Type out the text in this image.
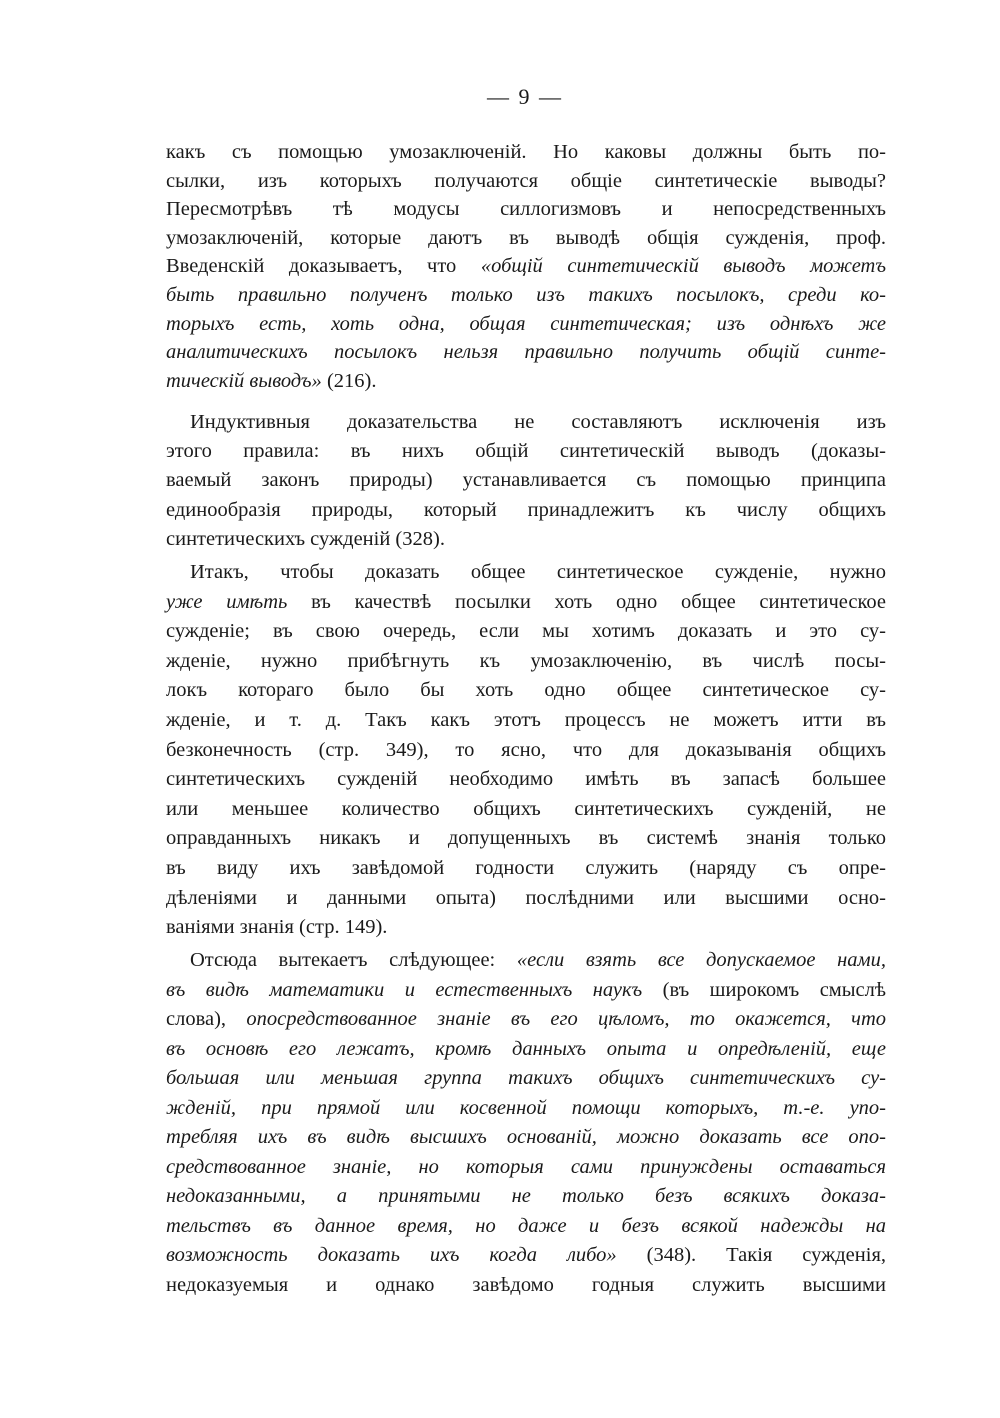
— 9 —
какъ съ помощью умозаключеній. Но каковы должны быть по-
сылки, изъ которыхъ получаются общіе синтетическіе выводы?
Пересмотрѣвъ тѣ модусы силлогизмовъ и непосредственныхъ
умозаключеній, которые даютъ въ выводѣ общія сужденія, проф.
Введенскій доказываетъ, что «общій синтетическій выводъ можетъ
быть правильно полученъ только изъ такихъ посылокъ, среди ко-
торыхъ есть, хоть одна, общая синтетическая; изъ однѣхъ же
аналитическихъ посылокъ нельзя правильно получить общій синте-
тическій выводъ» (216).
Индуктивныя доказательства не составляютъ исключенія изъ
этого правила: въ нихъ общій синтетическій выводъ (доказы-
ваемый законъ природы) устанавливается съ помощью принципа
единообразія природы, который принадлежитъ къ числу общихъ
синтетическихъ сужденій (328).
Итакъ, чтобы доказать общее синтетическое сужденіе, нужно
уже имѣть въ качествѣ посылки хоть одно общее синтетическое
сужденіе; въ свою очередь, если мы хотимъ доказать и это су-
жденіе, нужно прибѣгнуть къ умозаключенію, въ числѣ посы-
локъ котораго было бы хоть одно общее синтетическое су-
жденіе, и т. д. Такъ какъ этотъ процессъ не можетъ итти въ
безконечность (стр. 349), то ясно, что для доказыванія общихъ
синтетическихъ сужденій необходимо имѣть въ запасѣ большее
или меньшее количество общихъ синтетическихъ сужденій, не
оправданныхъ никакъ и допущенныхъ въ системѣ знанія только
въ виду ихъ завѣдомой годности служить (наряду съ опре-
дѣленіями и данными опыта) послѣдними или высшими осно-
ваніями знанія (стр. 149).
Отсюда вытекаетъ слѣдующее: «если взять все допускаемое нами,
въ видѣ математики и естественныхъ наукъ (въ широкомъ смыслѣ
слова), опосредствованное знаніе въ его цѣломъ, то окажется, что
въ основѣ его лежатъ, кромѣ данныхъ опыта и опредѣленій, еще
большая или меньшая группа такихъ общихъ синтетическихъ су-
жденій, при прямой или косвенной помощи которыхъ, т.-е. упо-
требляя ихъ въ видѣ высшихъ основаній, можно доказать все опо-
средствованное знаніе, но которыя сами принуждены оставаться
недоказанными, а принятыми не только безъ всякихъ доказа-
тельствъ въ данное время, но даже и безъ всякой надежды на
возможность доказать ихъ когда либо» (348). Такія сужденія,
недоказуемыя и однако завѣдомо годныя служить высшими
